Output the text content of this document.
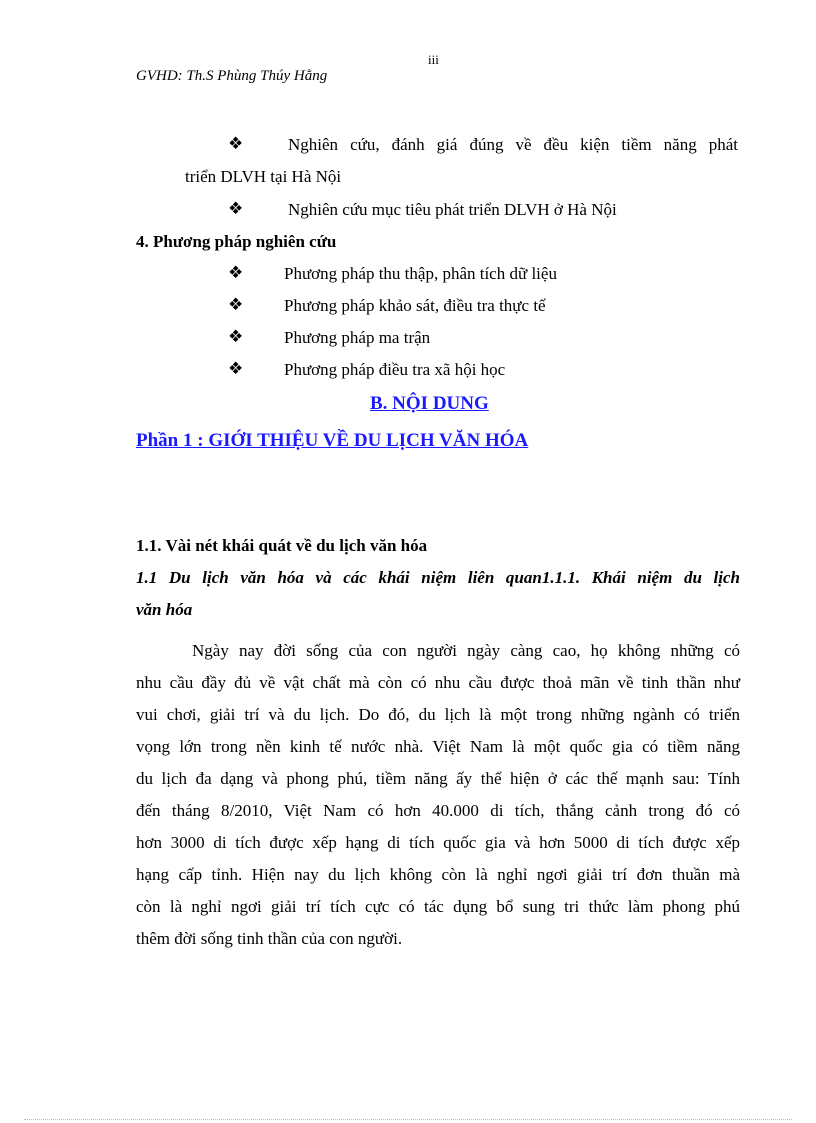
iii
GVHD: Th.S Phùng Thúy Hằng
❖	Nghiên cứu, đánh giá đúng về đều kiện tiềm năng phát
triển DLVH tại Hà Nội
❖	Nghiên cứu mục tiêu phát triển DLVH ở Hà Nội
4. Phương pháp nghiên cứu
❖ Phương pháp thu thập, phân tích dữ liệu
❖ Phương pháp khảo sát, điều tra thực tế
❖ Phương pháp ma trận
❖ Phương pháp điều tra xã hội học
B. NỘI DUNG
Phần 1 : GIỚI THIỆU VỀ DU LỊCH VĂN HÓA
1.1. Vài nét khái quát về du lịch văn hóa
1.1 Du lịch văn hóa và các khái niệm liên quan1.1.1. Khái niệm du lịch
văn hóa
Ngày nay đời sống của con người ngày càng cao, họ không những có
nhu cầu đầy đủ về vật chất mà còn có nhu cầu được thoả mãn về tinh thần như
vui chơi, giải trí và du lịch. Do đó, du lịch là một trong những ngành có triển
vọng lớn trong nền kinh tế nước nhà. Việt Nam là một quốc gia có tiềm năng
du lịch đa dạng và phong phú, tiềm năng ấy thể hiện ở các thế mạnh sau: Tính
đến tháng 8/2010, Việt Nam có hơn 40.000 di tích, thắng cảnh trong đó có
hơn 3000 di tích được xếp hạng di tích quốc gia và hơn 5000 di tích được xếp
hạng cấp tỉnh. Hiện nay du lịch không còn là nghỉ ngơi giải trí đơn thuần mà
còn là nghỉ ngơi giải trí tích cực có tác dụng bổ sung tri thức làm phong phú
thêm đời sống tinh thần của con người.
